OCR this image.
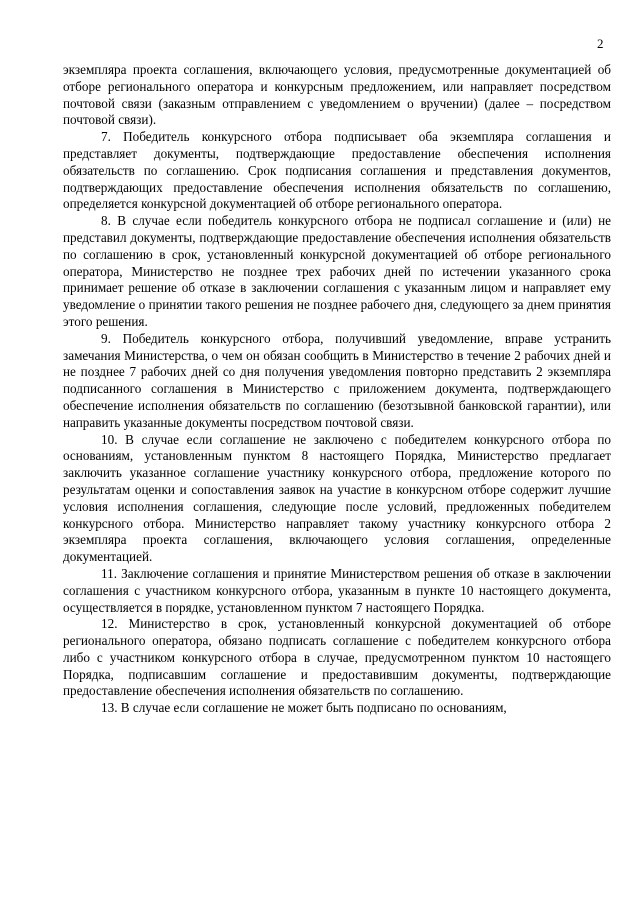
2

экземпляра проекта соглашения, включающего условия, предусмотренные документацией об отборе регионального оператора и конкурсным предложением, или направляет посредством почтовой связи (заказным отправлением с уведомлением о вручении) (далее – посредством почтовой связи).

7. Победитель конкурсного отбора подписывает оба экземпляра соглашения и представляет документы, подтверждающие предоставление обеспечения исполнения обязательств по соглашению. Срок подписания соглашения и представления документов, подтверждающих предоставление обеспечения исполнения обязательств по соглашению, определяется конкурсной документацией об отборе регионального оператора.

8. В случае если победитель конкурсного отбора не подписал соглашение и (или) не представил документы, подтверждающие предоставление обеспечения исполнения обязательств по соглашению в срок, установленный конкурсной документацией об отборе регионального оператора, Министерство не позднее трех рабочих дней по истечении указанного срока принимает решение об отказе в заключении соглашения с указанным лицом и направляет ему уведомление о принятии такого решения не позднее рабочего дня, следующего за днем принятия этого решения.

9. Победитель конкурсного отбора, получивший уведомление, вправе устранить замечания Министерства, о чем он обязан сообщить в Министерство в течение 2 рабочих дней и не позднее 7 рабочих дней со дня получения уведомления повторно представить 2 экземпляра подписанного соглашения в Министерство с приложением документа, подтверждающего обеспечение исполнения обязательств по соглашению (безотзывной банковской гарантии), или направить указанные документы посредством почтовой связи.

10. В случае если соглашение не заключено с победителем конкурсного отбора по основаниям, установленным пунктом 8 настоящего Порядка, Министерство предлагает заключить указанное соглашение участнику конкурсного отбора, предложение которого по результатам оценки и сопоставления заявок на участие в конкурсном отборе содержит лучшие условия исполнения соглашения, следующие после условий, предложенных победителем конкурсного отбора. Министерство направляет такому участнику конкурсного отбора 2 экземпляра проекта соглашения, включающего условия соглашения, определенные документацией.

11. Заключение соглашения и принятие Министерством решения об отказе в заключении соглашения с участником конкурсного отбора, указанным в пункте 10 настоящего документа, осуществляется в порядке, установленном пунктом 7 настоящего Порядка.

12. Министерство в срок, установленный конкурсной документацией об отборе регионального оператора, обязано подписать соглашение с победителем конкурсного отбора либо с участником конкурсного отбора в случае, предусмотренном пунктом 10 настоящего Порядка, подписавшим соглашение и предоставившим документы, подтверждающие предоставление обеспечения исполнения обязательств по соглашению.

13. В случае если соглашение не может быть подписано по основаниям,
